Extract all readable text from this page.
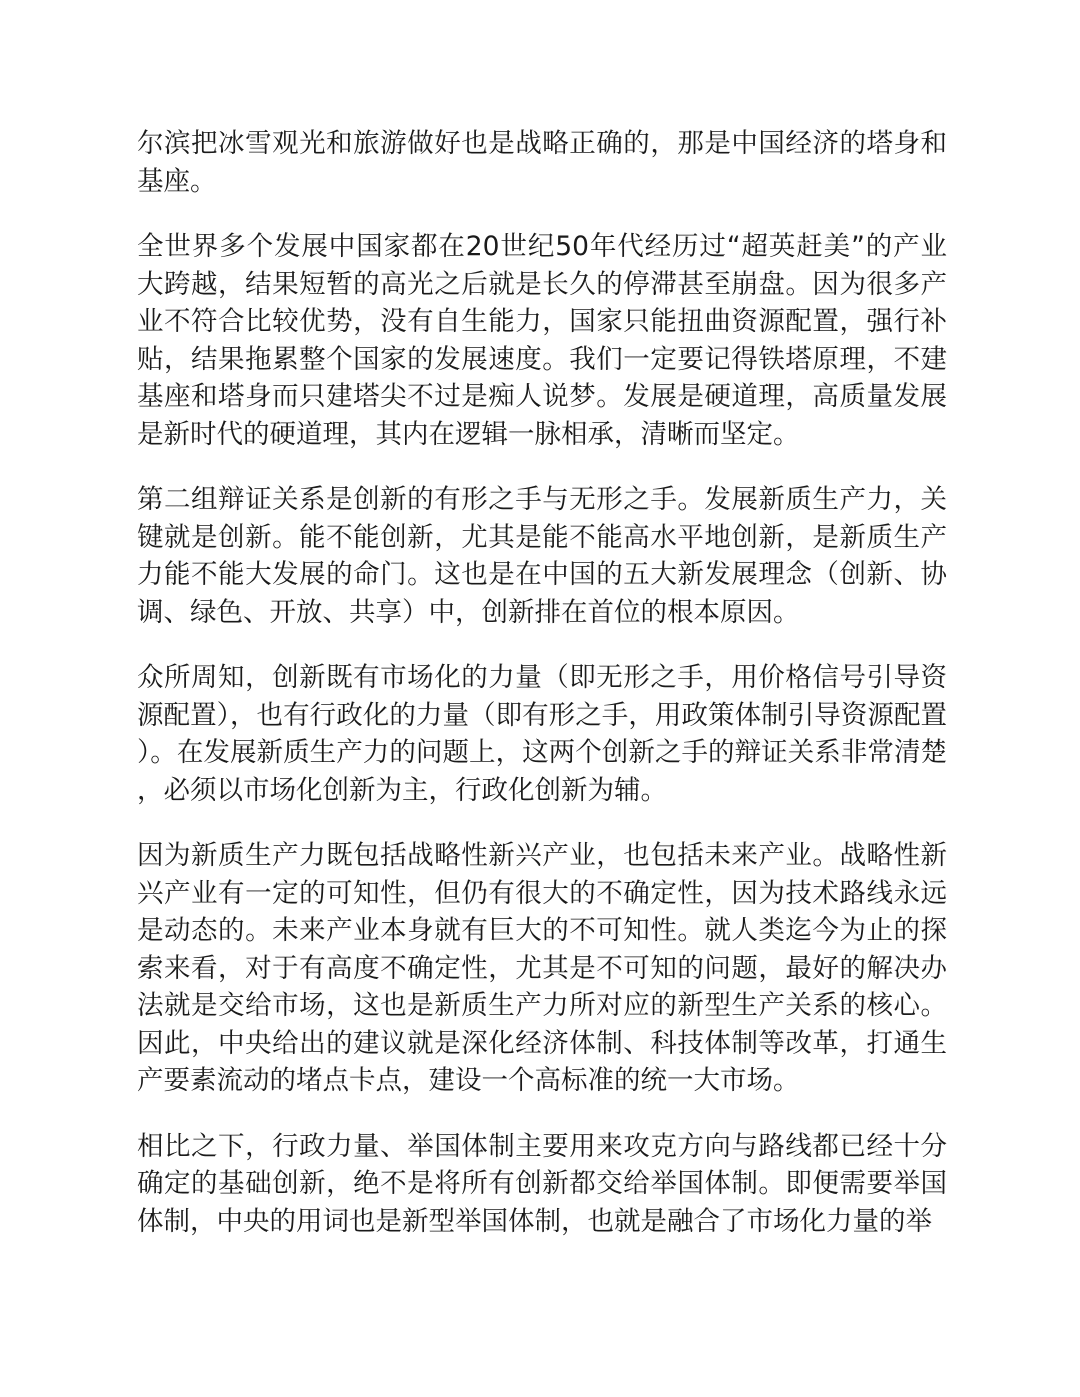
尔滨把冰雪观光和旅游做好也是战略正确的，那是中国经济的塔身和基座。

全世界多个发展中国家都在20世纪50年代经历过“超英赶美”的产业大跨越，结果短暂的高光之后就是长久的停滞甚至崩盘。因为很多产业不符合比较优势，没有自生能力，国家只能扭曲资源配置，强行补贴，结果拖累整个国家的发展速度。我们一定要记得铁塔原理，不建基座和塔身而只建塔尖不过是痴人说梦。发展是硬道理，高质量发展是新时代的硬道理，其内在逻辑一脉相承，清晰而坚定。

第二组辩证关系是创新的有形之手与无形之手。发展新质生产力，关键就是创新。能不能创新，尤其是能不能高水平地创新，是新质生产力能不能大发展的命门。这也是在中国的五大新发展理念（创新、协调、绿色、开放、共享）中，创新排在首位的根本原因。

众所周知，创新既有市场化的力量（即无形之手，用价格信号引导资源配置），也有行政化的力量（即有形之手，用政策体制引导资源配置）。在发展新质生产力的问题上，这两个创新之手的辩证关系非常清楚，必须以市场化创新为主，行政化创新为辅。

因为新质生产力既包括战略性新兴产业，也包括未来产业。战略性新兴产业有一定的可知性，但仍有很大的不确定性，因为技术路线永远是动态的。未来产业本身就有巨大的不可知性。就人类迄今为止的探索来看，对于有高度不确定性，尤其是不可知的问题，最好的解决办法就是交给市场，这也是新质生产力所对应的新型生产关系的核心。因此，中央给出的建议就是深化经济体制、科技体制等改革，打通生产要素流动的堵点卡点，建设一个高标准的统一大市场。

相比之下，行政力量、举国体制主要用来攻克方向与路线都已经十分确定的基础创新，绝不是将所有创新都交给举国体制。即便需要举国体制，中央的用词也是新型举国体制，也就是融合了市场化力量的举
